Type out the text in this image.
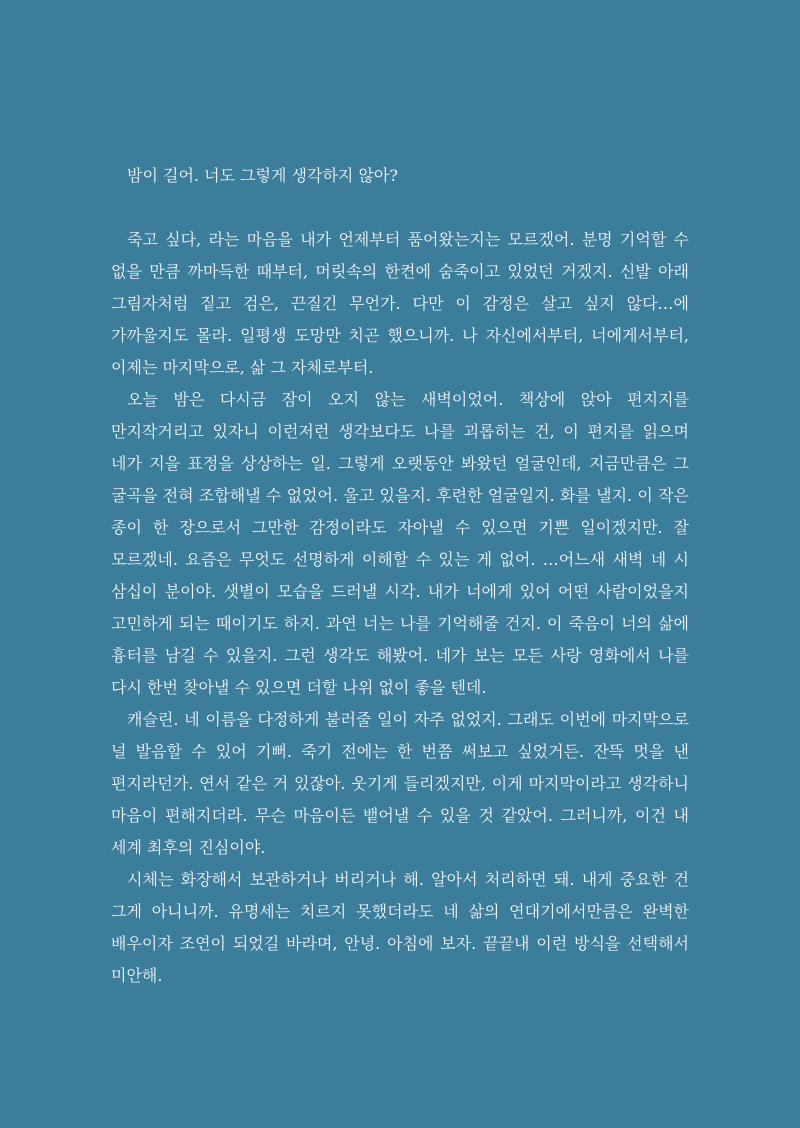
밤이 길어. 너도 그렇게 생각하지 않아?

죽고 싶다, 라는 마음을 내가 언제부터 품어왔는지는 모르겠어. 분명 기억할 수 없을 만큼 까마득한 때부터, 머릿속의 한켠에 숨죽이고 있었던 거겠지. 신발 아래 그림자처럼 짙고 검은, 끈질긴 무언가. 다만 이 감정은 살고 싶지 않다…에 가까울지도 몰라. 일평생 도망만 치곤 했으니까. 나 자신에서부터, 너에게서부터, 이제는 마지막으로, 삶 그 자체로부터.

오늘 밤은 다시금 잠이 오지 않는 새벽이었어. 책상에 앉아 편지지를 만지작거리고 있자니 이런저런 생각보다도 나를 괴롭히는 건, 이 편지를 읽으며 네가 지을 표정을 상상하는 일. 그렇게 오랫동안 봐왔던 얼굴인데, 지금만큼은 그 굴곡을 전혀 조합해낼 수 없었어. 울고 있을지. 후련한 얼굴일지. 화를 낼지. 이 작은 종이 한 장으로서 그만한 감정이라도 자아낼 수 있으면 기쁜 일이겠지만. 잘 모르겠네. 요즘은 무엇도 선명하게 이해할 수 있는 게 없어. …어느새 새벽 네 시 삼십이 분이야. 샛별이 모습을 드러낼 시각. 내가 너에게 있어 어떤 사람이었을지 고민하게 되는 때이기도 하지. 과연 너는 나를 기억해줄 건지. 이 죽음이 너의 삶에 흉터를 남길 수 있을지. 그런 생각도 해봤어. 네가 보는 모든 사랑 영화에서 나를 다시 한번 찾아낼 수 있으면 더할 나위 없이 좋을 텐데.

캐슬린. 네 이름을 다정하게 불러줄 일이 자주 없었지. 그래도 이번에 마지막으로 널 발음할 수 있어 기뻐. 죽기 전에는 한 번쯤 써보고 싶었거든. 잔뜩 멋을 낸 편지라던가. 연서 같은 거 있잖아. 웃기게 들리겠지만, 이게 마지막이라고 생각하니 마음이 편해지더라. 무슨 마음이든 뱉어낼 수 있을 것 같았어. 그러니까, 이건 내 세계 최후의 진심이야.

시체는 화장해서 보관하거나 버리거나 해. 알아서 처리하면 돼. 내게 중요한 건 그게 아니니까. 유명세는 치르지 못했더라도 네 삶의 연대기에서만큼은 완벽한 배우이자 조연이 되었길 바라며, 안녕. 아침에 보자. 끝끝내 이런 방식을 선택해서 미안해.
